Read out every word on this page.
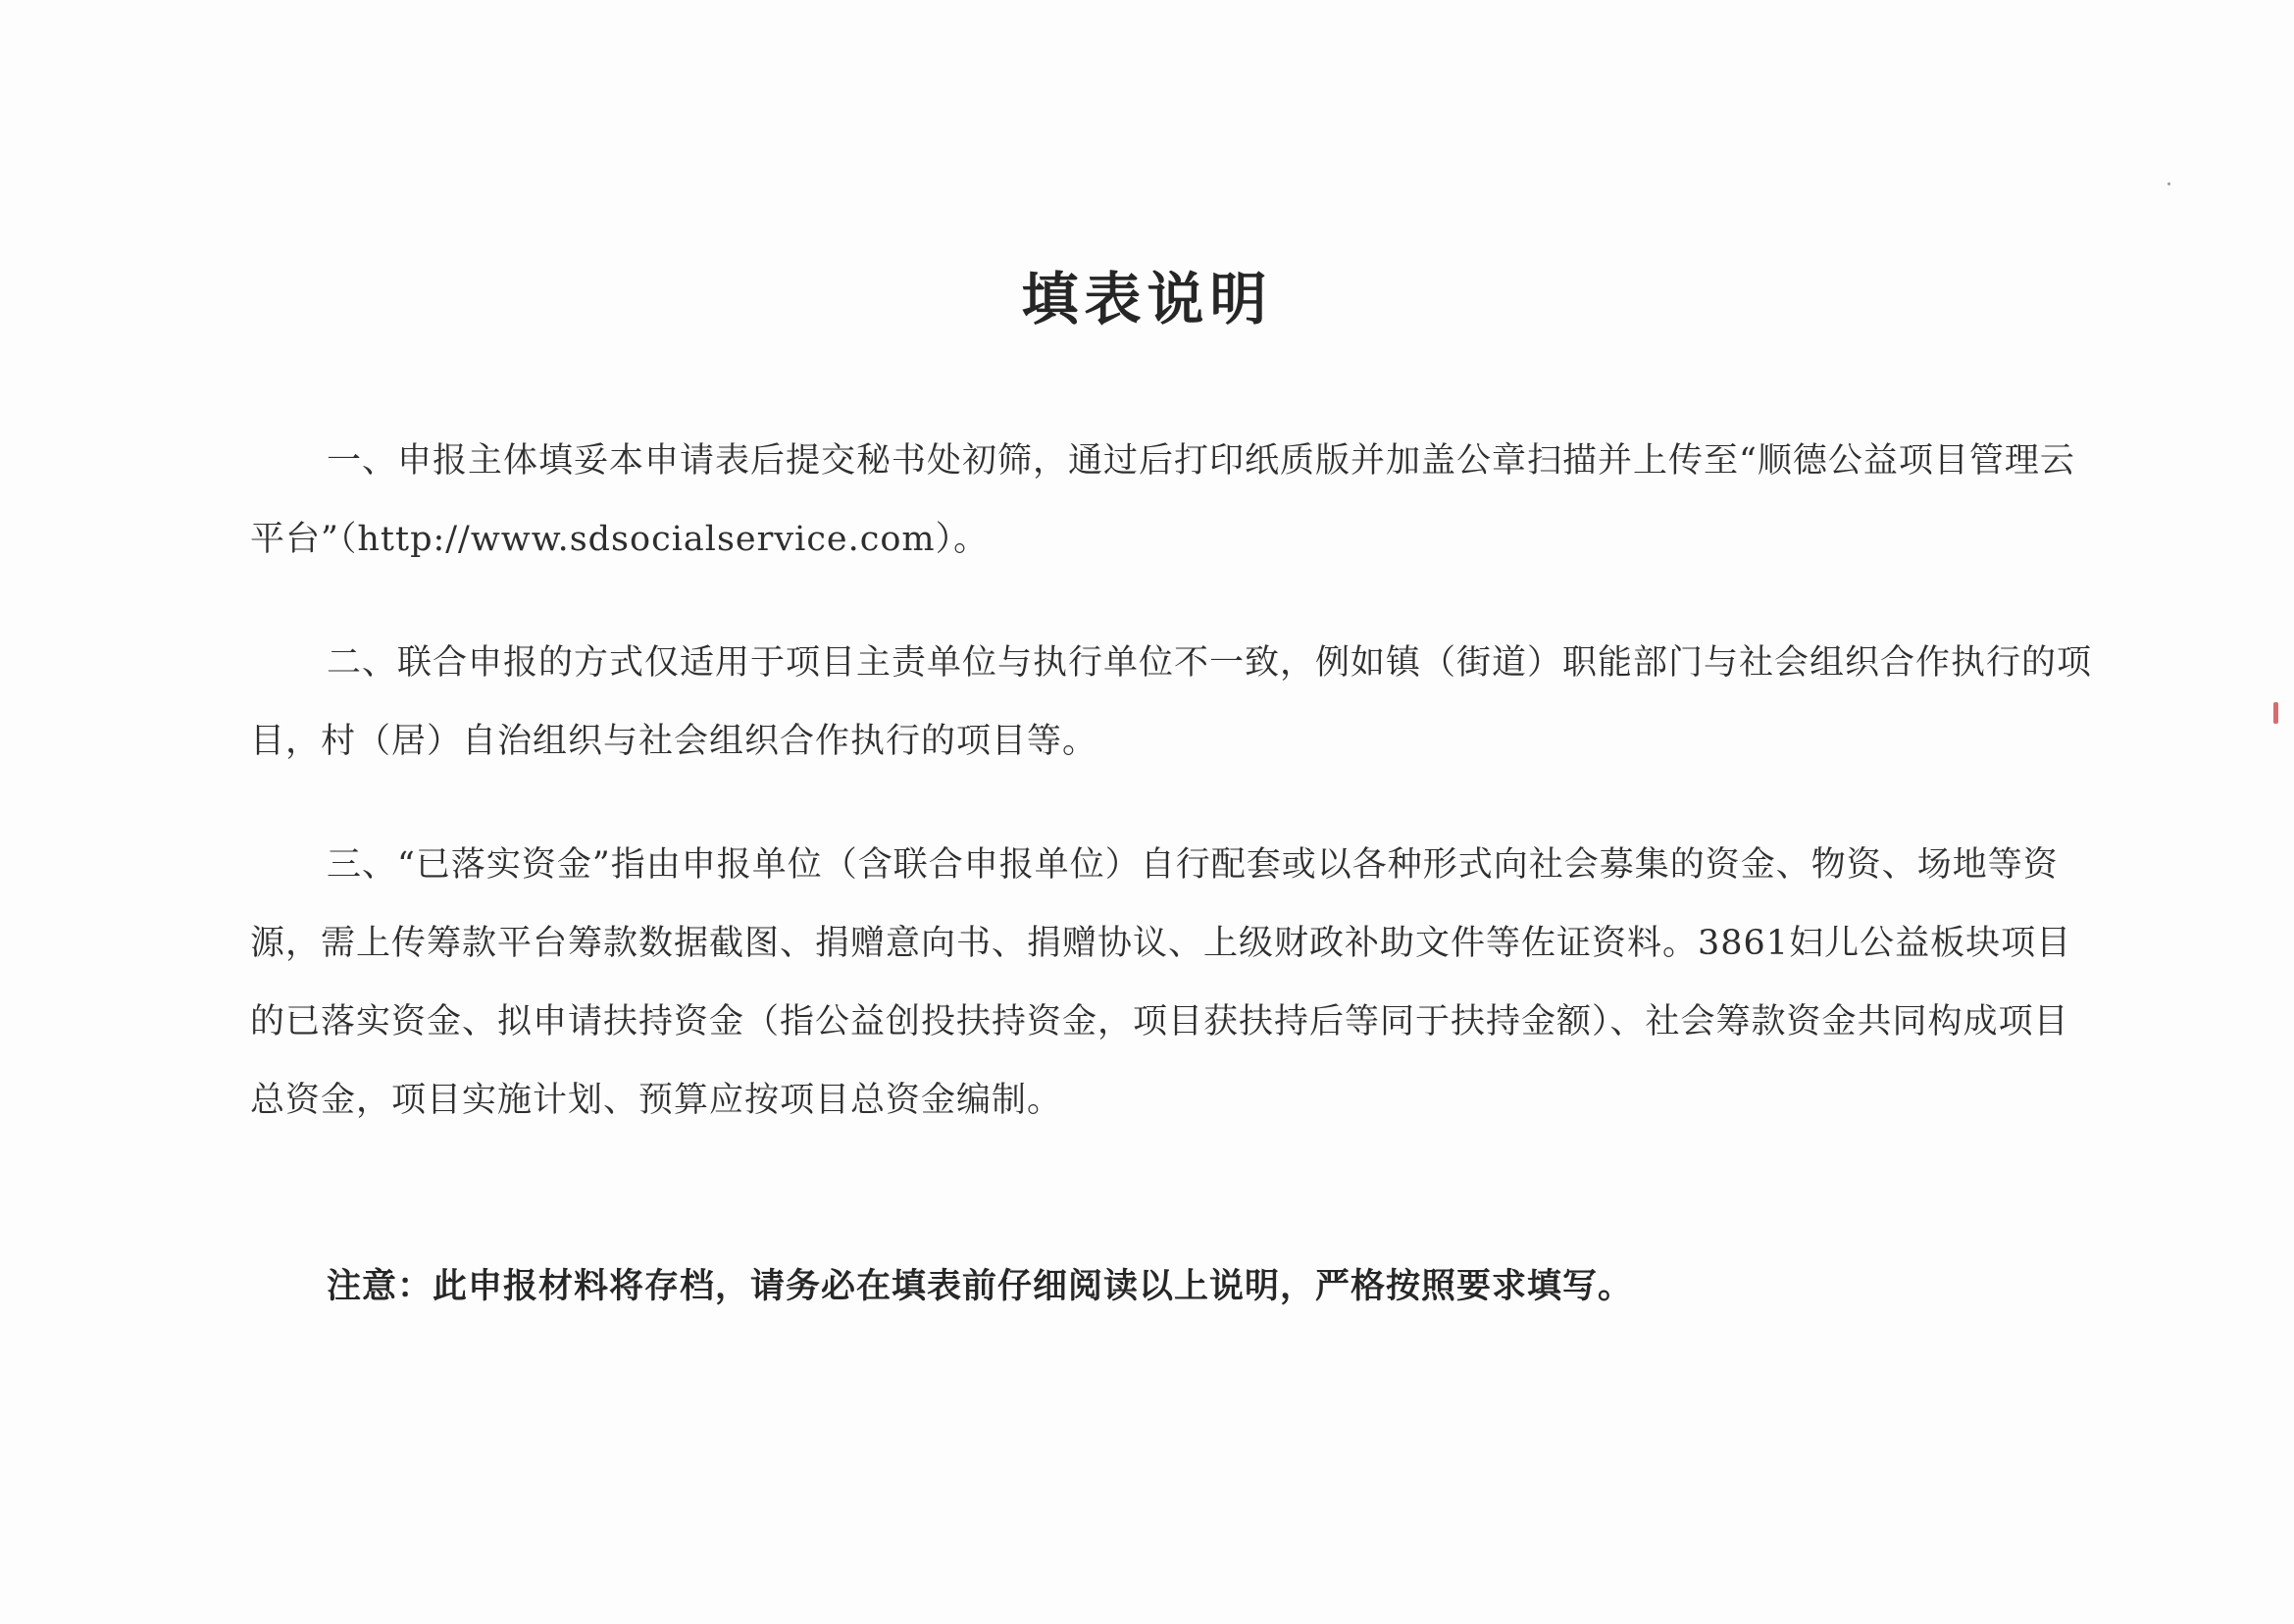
填表说明

一、申报主体填妥本申请表后提交秘书处初筛，通过后打印纸质版并加盖公章扫描并上传至“顺德公益项目管理云平台”（http://www.sdsocialservice.com）。

二、联合申报的方式仅适用于项目主责单位与执行单位不一致，例如镇（街道）职能部门与社会组织合作执行的项目，村（居）自治组织与社会组织合作执行的项目等。

三、“已落实资金”指由申报单位（含联合申报单位）自行配套或以各种形式向社会募集的资金、物资、场地等资源，需上传筹款平台筹款数据截图、捐赠意向书、捐赠协议、上级财政补助文件等佐证资料。3861妇儿公益板块项目的已落实资金、拟申请扶持资金（指公益创投扶持资金，项目获扶持后等同于扶持金额）、社会筹款资金共同构成项目总资金，项目实施计划、预算应按项目总资金编制。

注意：此申报材料将存档，请务必在填表前仔细阅读以上说明，严格按照要求填写。
